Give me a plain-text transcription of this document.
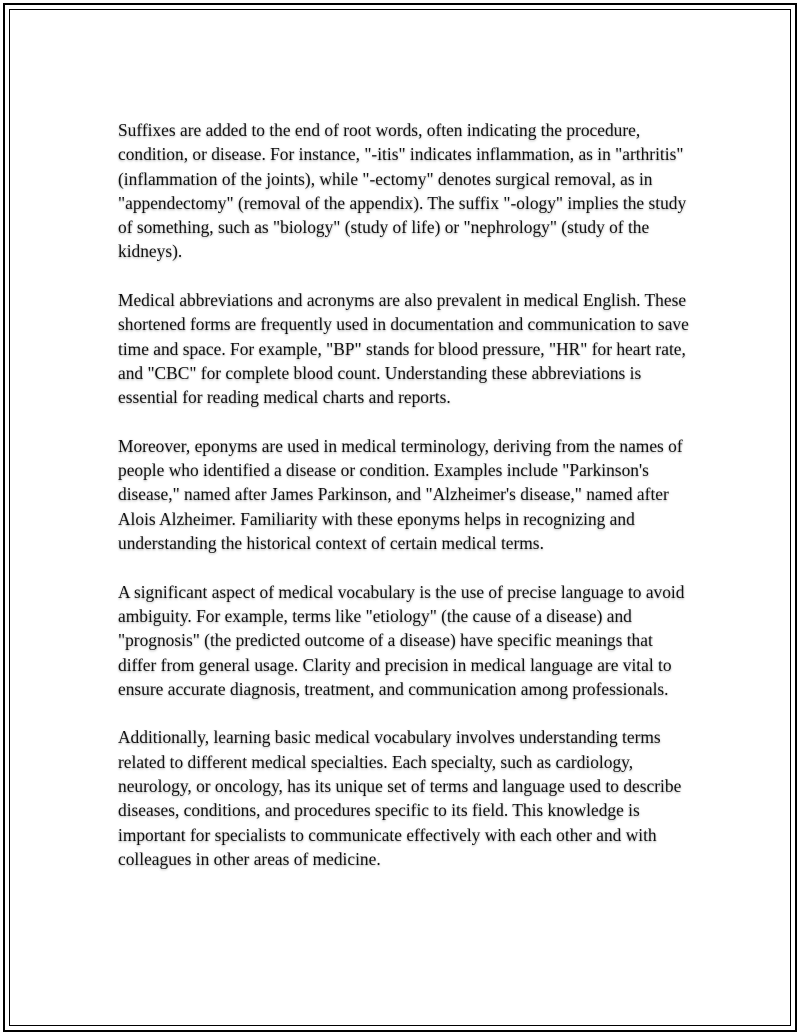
Suffixes are added to the end of root words, often indicating the procedure, condition, or disease. For instance, "-itis" indicates inflammation, as in "arthritis" (inflammation of the joints), while "-ectomy" denotes surgical removal, as in "appendectomy" (removal of the appendix). The suffix "-ology" implies the study of something, such as "biology" (study of life) or "nephrology" (study of the kidneys).

Medical abbreviations and acronyms are also prevalent in medical English. These shortened forms are frequently used in documentation and communication to save time and space. For example, "BP" stands for blood pressure, "HR" for heart rate, and "CBC" for complete blood count. Understanding these abbreviations is essential for reading medical charts and reports.

Moreover, eponyms are used in medical terminology, deriving from the names of people who identified a disease or condition. Examples include "Parkinson's disease," named after James Parkinson, and "Alzheimer's disease," named after Alois Alzheimer. Familiarity with these eponyms helps in recognizing and understanding the historical context of certain medical terms.

A significant aspect of medical vocabulary is the use of precise language to avoid ambiguity. For example, terms like "etiology" (the cause of a disease) and "prognosis" (the predicted outcome of a disease) have specific meanings that differ from general usage. Clarity and precision in medical language are vital to ensure accurate diagnosis, treatment, and communication among professionals.

Additionally, learning basic medical vocabulary involves understanding terms related to different medical specialties. Each specialty, such as cardiology, neurology, or oncology, has its unique set of terms and language used to describe diseases, conditions, and procedures specific to its field. This knowledge is important for specialists to communicate effectively with each other and with colleagues in other areas of medicine.
